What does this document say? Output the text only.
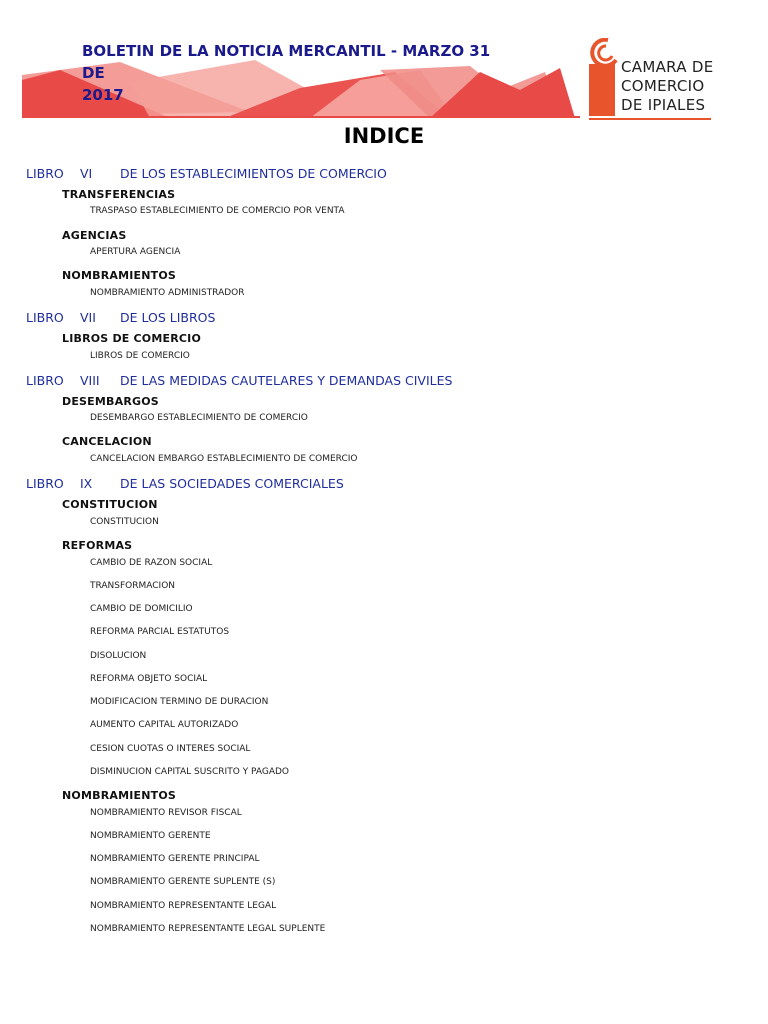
BOLETIN DE LA NOTICIA MERCANTIL - MARZO 31 DE
2017
CAMARA DE
COMERCIO
DE IPIALES
INDICE
LIBRO VI DE LOS ESTABLECIMIENTOS DE COMERCIO
TRANSFERENCIAS
TRASPASO ESTABLECIMIENTO DE COMERCIO POR VENTA
AGENCIAS
APERTURA AGENCIA
NOMBRAMIENTOS
NOMBRAMIENTO ADMINISTRADOR
LIBRO VII DE LOS LIBROS
LIBROS DE COMERCIO
LIBROS DE COMERCIO
LIBRO VIII DE LAS MEDIDAS CAUTELARES Y DEMANDAS CIVILES
DESEMBARGOS
DESEMBARGO ESTABLECIMIENTO DE COMERCIO
CANCELACION
CANCELACION EMBARGO ESTABLECIMIENTO DE COMERCIO
LIBRO IX DE LAS SOCIEDADES COMERCIALES
CONSTITUCION
CONSTITUCION
REFORMAS
CAMBIO DE RAZON SOCIAL
TRANSFORMACION
CAMBIO DE DOMICILIO
REFORMA PARCIAL ESTATUTOS
DISOLUCION
REFORMA OBJETO SOCIAL
MODIFICACION TERMINO DE DURACION
AUMENTO CAPITAL AUTORIZADO
CESION CUOTAS O INTERES SOCIAL
DISMINUCION CAPITAL SUSCRITO Y PAGADO
NOMBRAMIENTOS
NOMBRAMIENTO REVISOR FISCAL
NOMBRAMIENTO GERENTE
NOMBRAMIENTO GERENTE PRINCIPAL
NOMBRAMIENTO GERENTE SUPLENTE (S)
NOMBRAMIENTO REPRESENTANTE LEGAL
NOMBRAMIENTO REPRESENTANTE LEGAL SUPLENTE
